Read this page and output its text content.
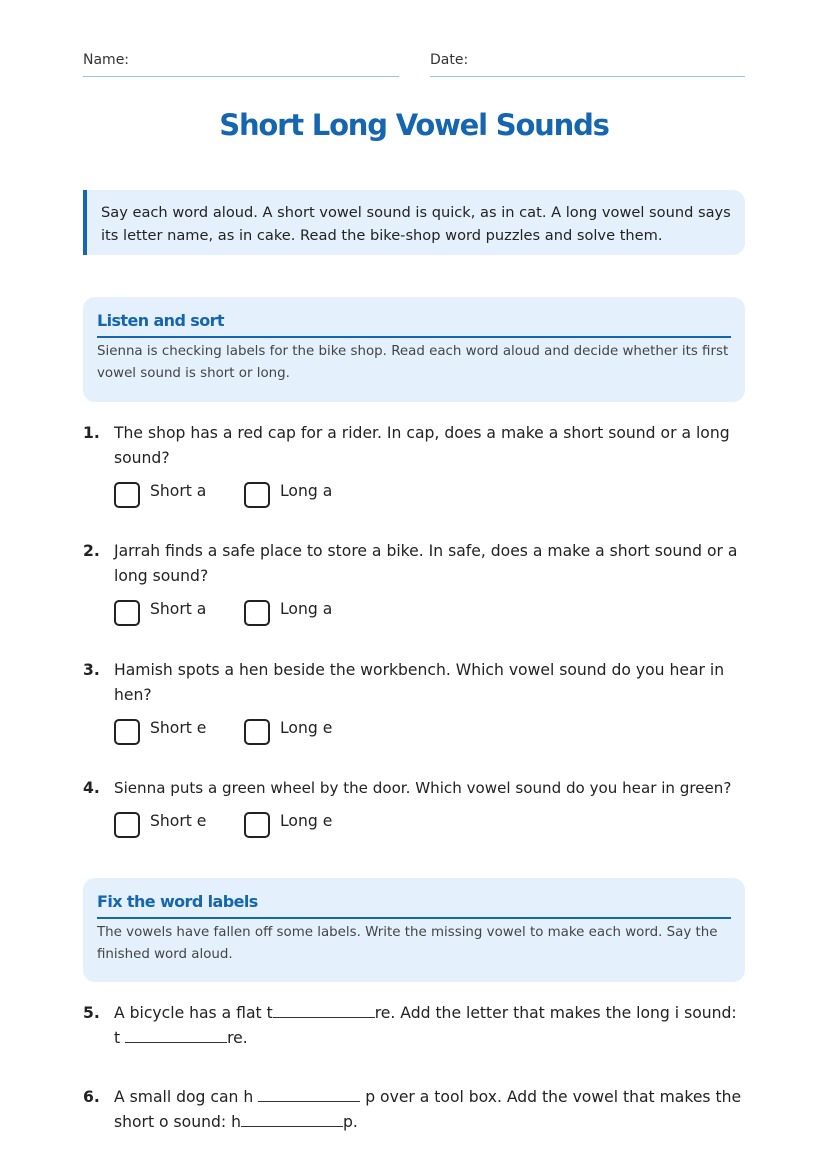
Name:	Date:
Short Long Vowel Sounds
Say each word aloud. A short vowel sound is quick, as in cat. A long vowel sound says its letter name, as in cake. Read the bike-shop word puzzles and solve them.
Listen and sort
Sienna is checking labels for the bike shop. Read each word aloud and decide whether its first vowel sound is short or long.
1. The shop has a red cap for a rider. In cap, does a make a short sound or a long sound?
Short a	Long a
2. Jarrah finds a safe place to store a bike. In safe, does a make a short sound or a long sound?
Short a	Long a
3. Hamish spots a hen beside the workbench. Which vowel sound do you hear in hen?
Short e	Long e
4. Sienna puts a green wheel by the door. Which vowel sound do you hear in green?
Short e	Long e
Fix the word labels
The vowels have fallen off some labels. Write the missing vowel to make each word. Say the finished word aloud.
5. A bicycle has a flat t	re. Add the letter that makes the long i sound: t	re.
6. A small dog can h	p over a tool box. Add the vowel that makes the short o sound: h	p.
